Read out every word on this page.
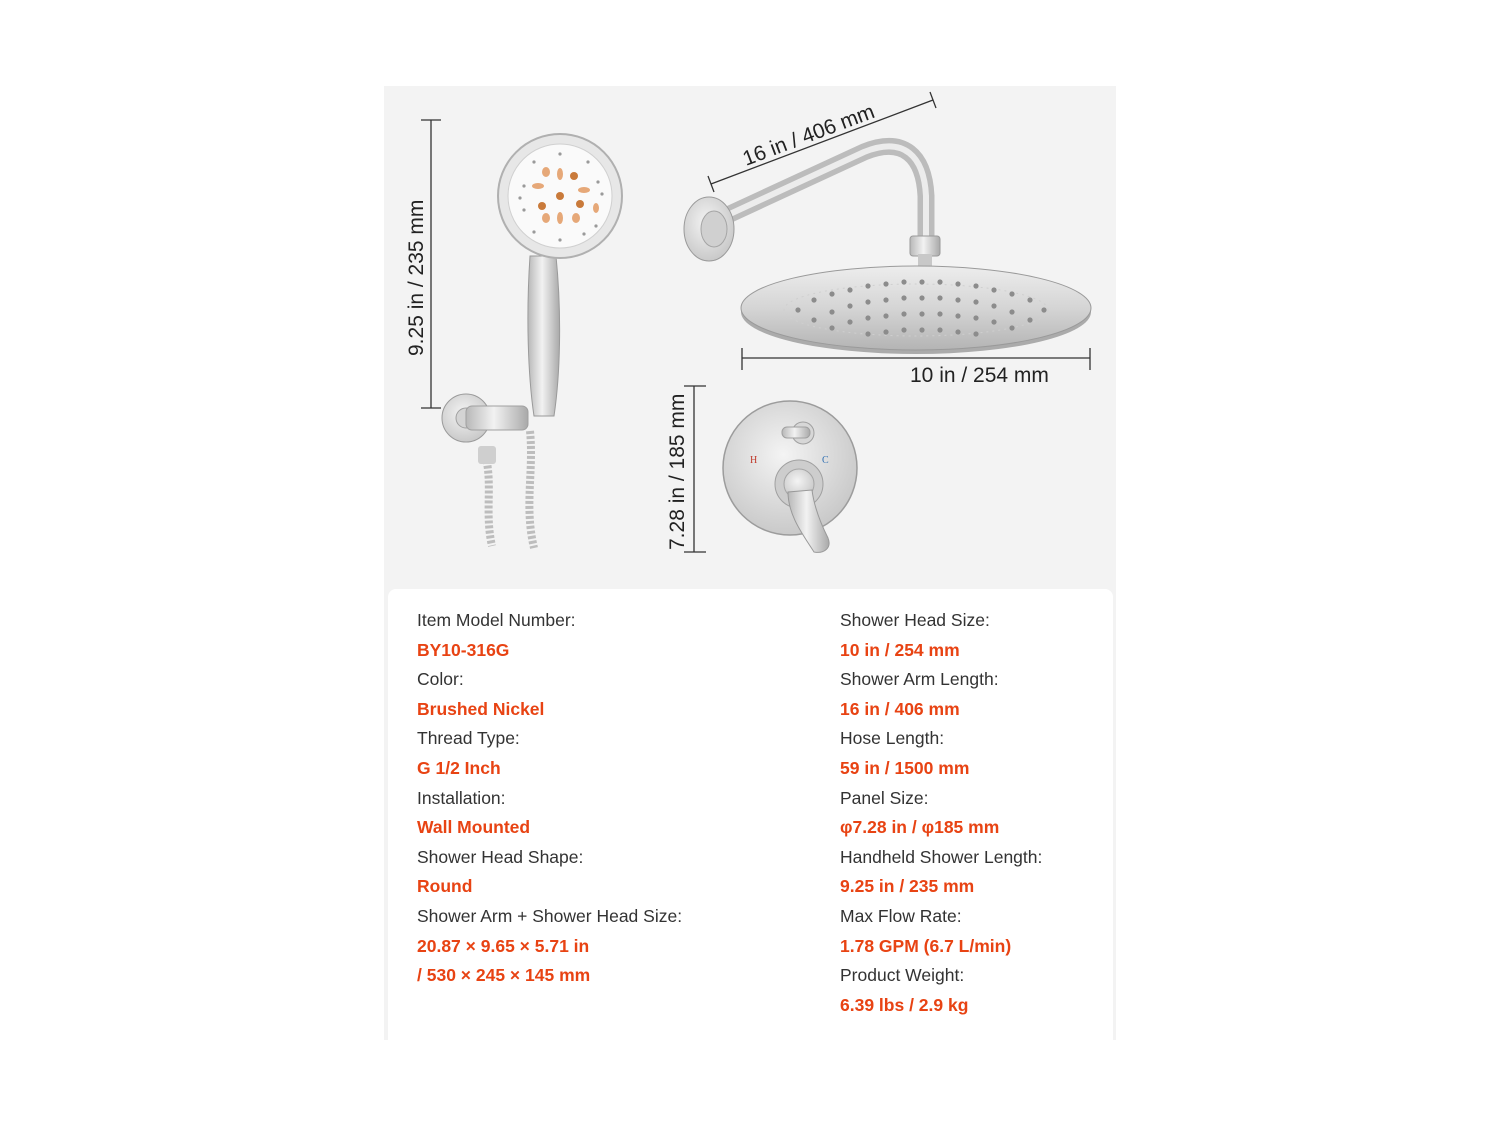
9.25 in / 235 mm
16 in / 406 mm
10 in / 254 mm
7.28 in / 185 mm	H	C
Item Model Number:
BY10-316G
Color:
Brushed Nickel
Thread Type:
G 1/2 Inch
Installation:
Wall Mounted
Shower Head Shape:
Round
Shower Arm + Shower Head Size:
20.87 × 9.65 × 5.71 in
/ 530 × 245 × 145 mm
Shower Head Size:
10 in / 254 mm
Shower Arm Length:
16 in / 406 mm
Hose Length:
59 in / 1500 mm
Panel Size:
φ7.28 in / φ185 mm
Handheld Shower Length:
9.25 in / 235 mm
Max Flow Rate:
1.78 GPM (6.7 L/min)
Product Weight:
6.39 lbs / 2.9 kg
